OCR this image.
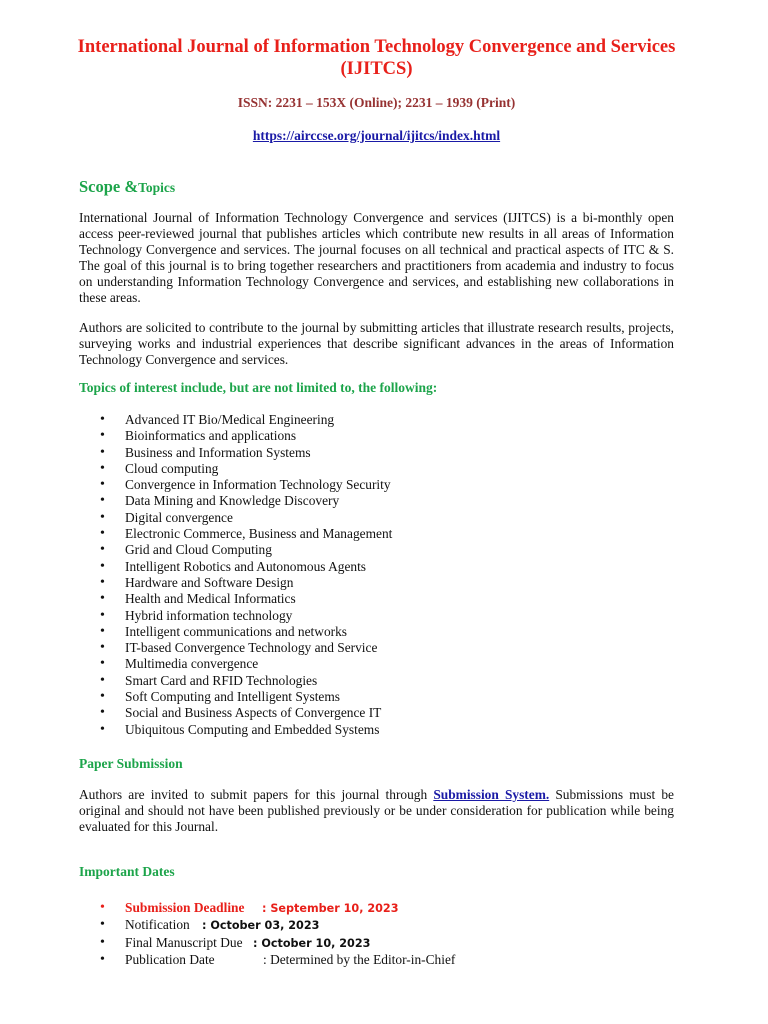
International Journal of Information Technology Convergence and Services (IJITCS)
ISSN: 2231 – 153X (Online); 2231 – 1939 (Print)
https://airccse.org/journal/ijitcs/index.html
Scope &Topics

International Journal of Information Technology Convergence and services (IJITCS) is a bi-monthly open access peer-reviewed journal that publishes articles which contribute new results in all areas of Information Technology Convergence and services. The journal focuses on all technical and practical aspects of ITC & S. The goal of this journal is to bring together researchers and practitioners from academia and industry to focus on understanding Information Technology Convergence and services, and establishing new collaborations in these areas.

Authors are solicited to contribute to the journal by submitting articles that illustrate research results, projects, surveying works and industrial experiences that describe significant advances in the areas of Information Technology Convergence and services.

Topics of interest include, but are not limited to, the following:

• Advanced IT Bio/Medical Engineering
• Bioinformatics and applications
• Business and Information Systems
• Cloud computing
• Convergence in Information Technology Security
• Data Mining and Knowledge Discovery
• Digital convergence
• Electronic Commerce, Business and Management
• Grid and Cloud Computing
• Intelligent Robotics and Autonomous Agents
• Hardware and Software Design
• Health and Medical Informatics
• Hybrid information technology
• Intelligent communications and networks
• IT-based Convergence Technology and Service
• Multimedia convergence
• Smart Card and RFID Technologies
• Soft Computing and Intelligent Systems
• Social and Business Aspects of Convergence IT
• Ubiquitous Computing and Embedded Systems

Paper Submission

Authors are invited to submit papers for this journal through Submission System. Submissions must be original and should not have been published previously or be under consideration for publication while being evaluated for this Journal.

Important Dates

• Submission Deadline : September 10, 2023
• Notification : October 03, 2023
• Final Manuscript Due : October 10, 2023
• Publication Date	: Determined by the Editor-in-Chief
